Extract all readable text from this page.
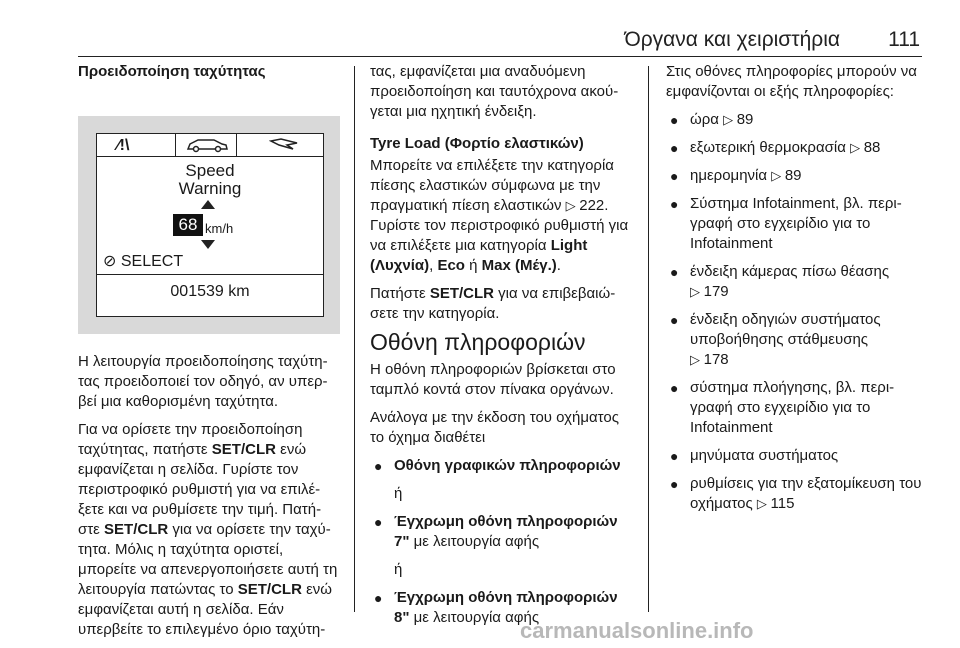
Όργανα και χειριστήρια 111

Προειδοποίηση ταχύτητας

⁄!\
Speed
Warning
68 km/h
⊘ SELECT
001539 km

Η λειτουργία προειδοποίησης ταχύτη-τας προειδοποιεί τον οδηγό, αν υπερ-βεί μια καθορισμένη ταχύτητα.

Για να ορίσετε την προειδοποίηση ταχύτητας, πατήστε SET/CLR ενώ εμφανίζεται η σελίδα. Γυρίστε τον περιστροφικό ρυθμιστή για να επιλέ-ξετε και να ρυθμίσετε την τιμή. Πατή-στε SET/CLR για να ορίσετε την ταχύ-τητα. Μόλις η ταχύτητα οριστεί, μπορείτε να απενεργοποιήσετε αυτή τη λειτουργία πατώντας το SET/CLR ενώ εμφανίζεται αυτή η σελίδα. Εάν υπερβείτε το επιλεγμένο όριο ταχύτη-

τας, εμφανίζεται μια αναδυόμενη προειδοποίηση και ταυτόχρονα ακού-γεται μια ηχητική ένδειξη.

Tyre Load (Φορτίο ελαστικών)

Μπορείτε να επιλέξετε την κατηγορία πίεσης ελαστικών σύμφωνα με την πραγματική πίεση ελαστικών ▷ 222. Γυρίστε τον περιστροφικό ρυθμιστή για να επιλέξετε μια κατηγορία Light (Λυχνία), Eco ή Max (Μέγ.).

Πατήστε SET/CLR για να επιβεβαιώ-σετε την κατηγορία.

Οθόνη πληροφοριών

Η οθόνη πληροφοριών βρίσκεται στο ταμπλό κοντά στον πίνακα οργάνων.

Ανάλογα με την έκδοση του οχήματος το όχημα διαθέτει

● Οθόνη γραφικών πληροφοριών
ή
● Έγχρωμη οθόνη πληροφοριών 7" με λειτουργία αφής
ή
● Έγχρωμη οθόνη πληροφοριών 8" με λειτουργία αφής

Στις οθόνες πληροφορίες μπορούν να εμφανίζονται οι εξής πληροφορίες:

● ώρα ▷ 89
● εξωτερική θερμοκρασία ▷ 88
● ημερομηνία ▷ 89
● Σύστημα Infotainment, βλ. περι-γραφή στο εγχειρίδιο για το Infotainment
● ένδειξη κάμερας πίσω θέασης
▷ 179
● ένδειξη οδηγιών συστήματος υποβοήθησης στάθμευσης
▷ 178
● σύστημα πλοήγησης, βλ. περι-γραφή στο εγχειρίδιο για το Infotainment
● μηνύματα συστήματος
● ρυθμίσεις για την εξατομίκευση του οχήματος ▷ 115
carmanualsonline.info
